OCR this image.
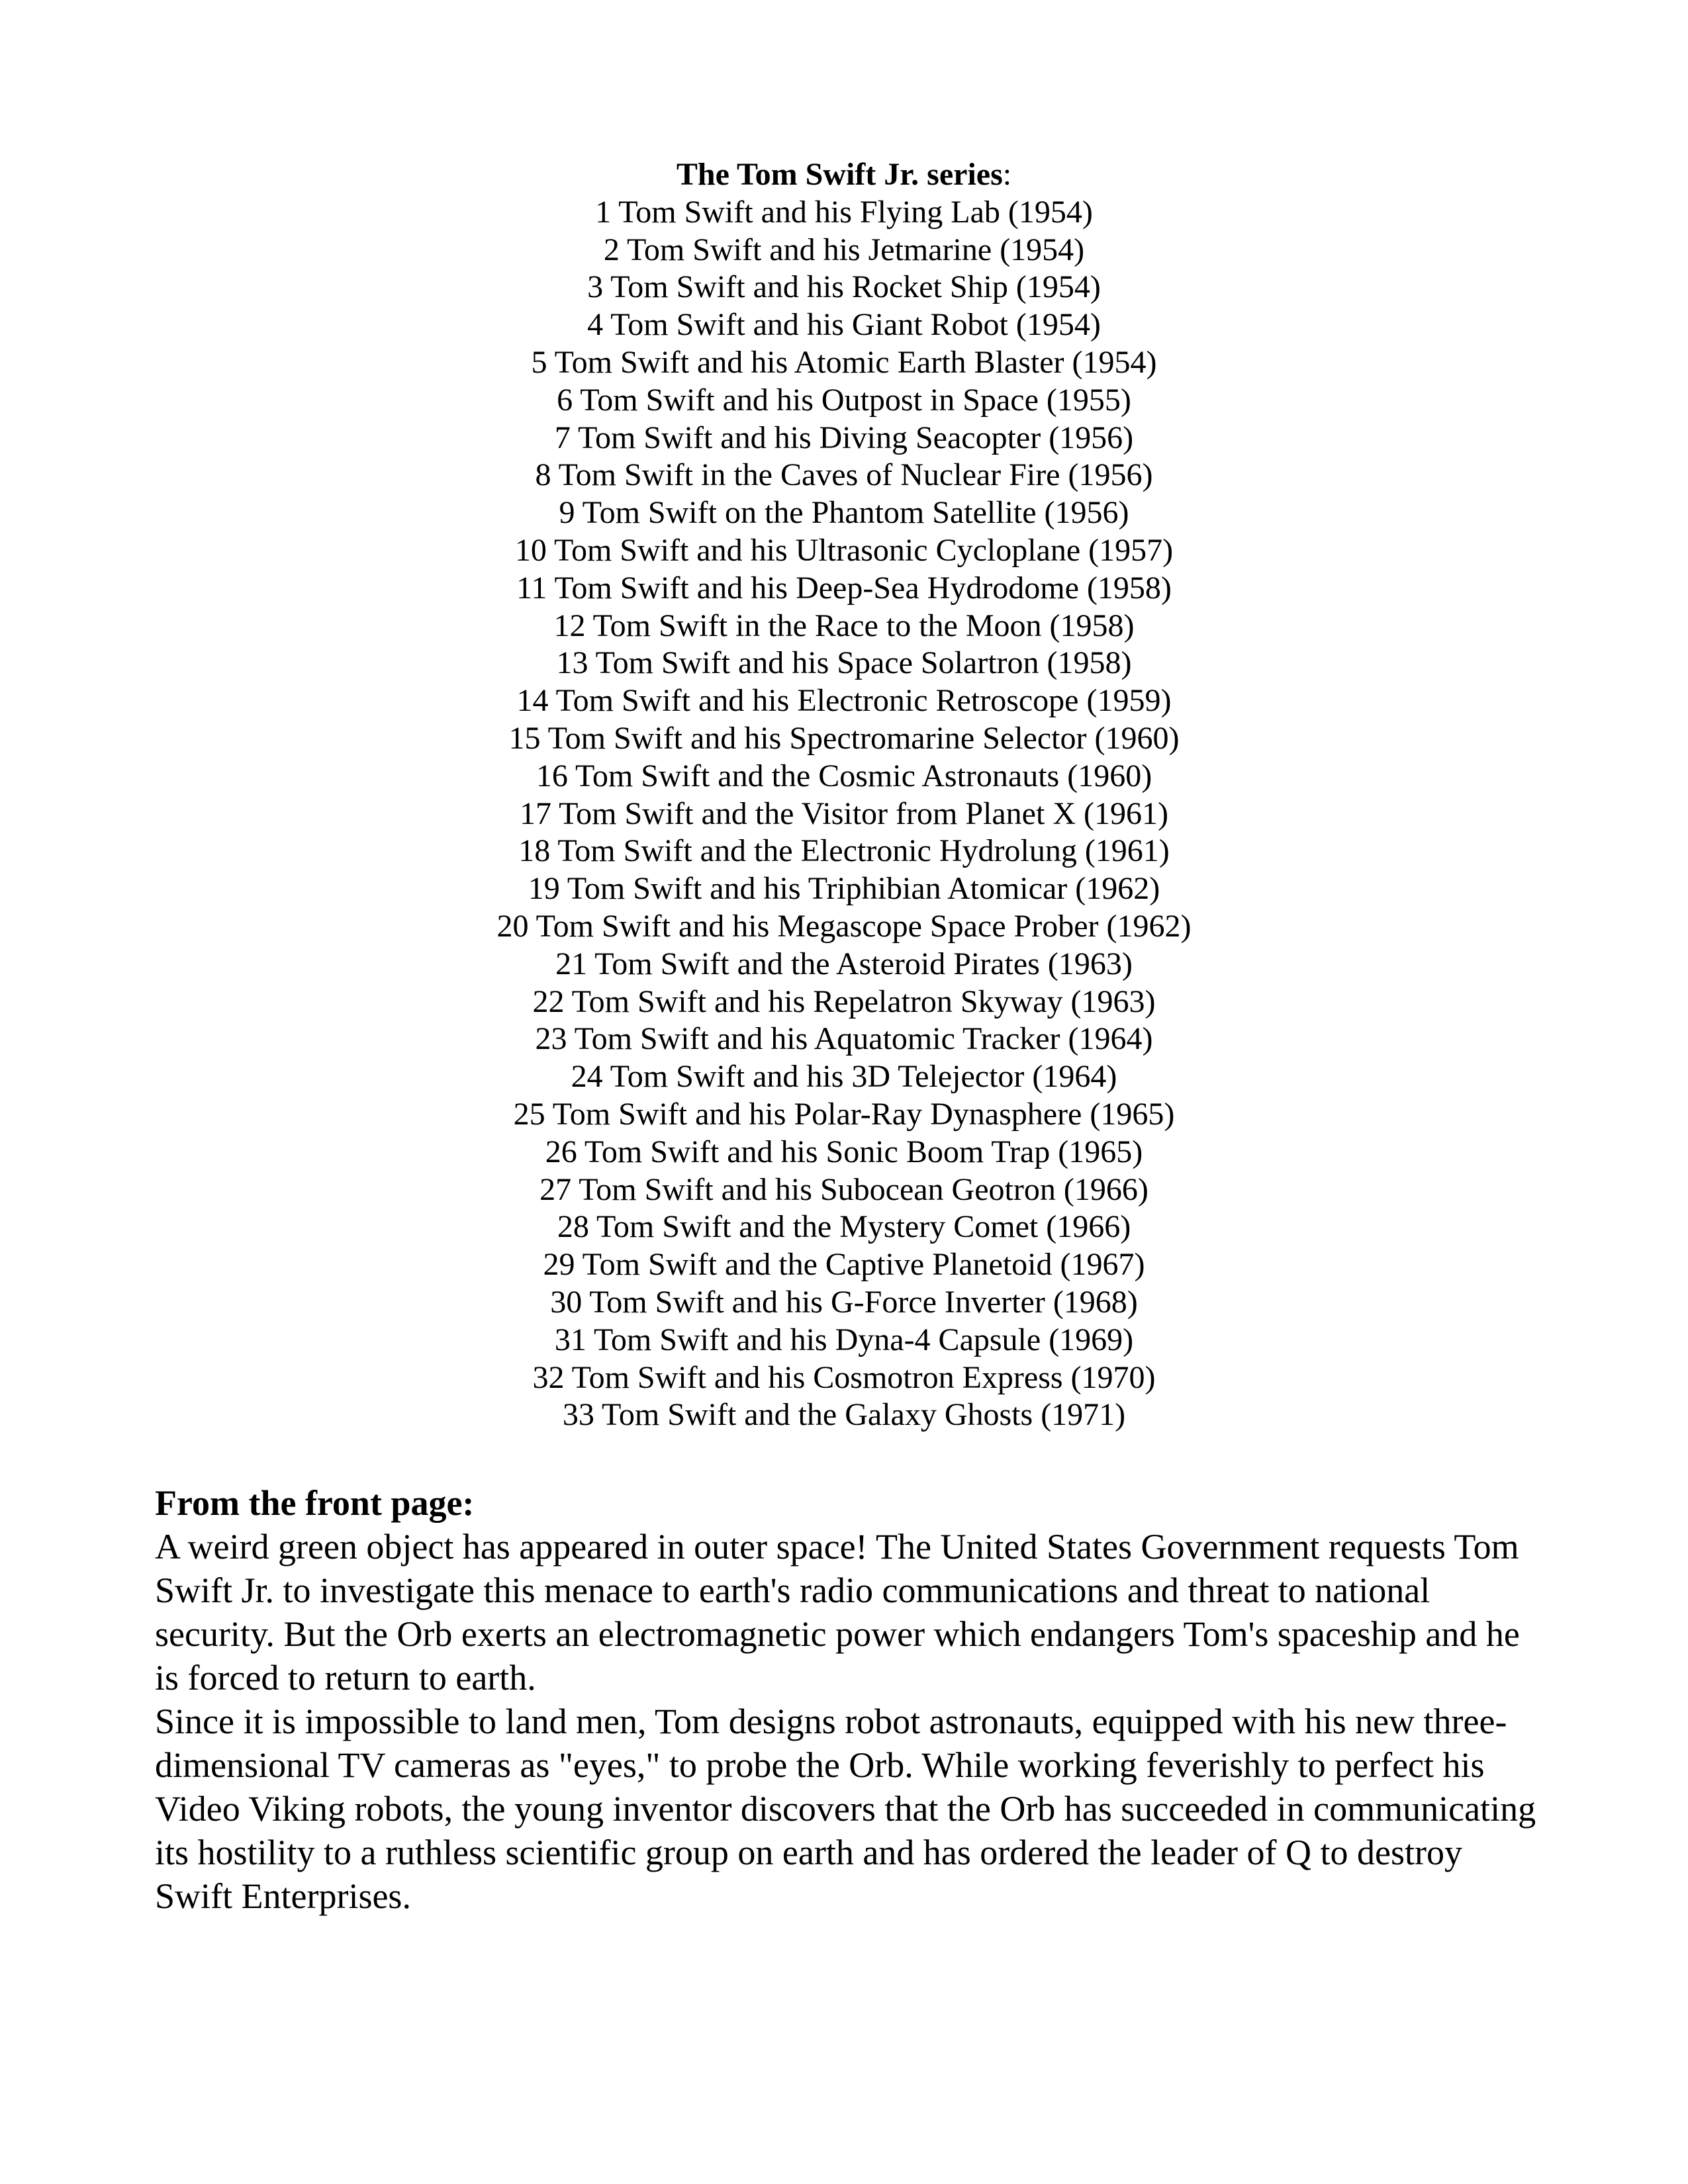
The Tom Swift Jr. series:
1 Tom Swift and his Flying Lab (1954)
2 Tom Swift and his Jetmarine (1954)
3 Tom Swift and his Rocket Ship (1954)
4 Tom Swift and his Giant Robot (1954)
5 Tom Swift and his Atomic Earth Blaster (1954)
6 Tom Swift and his Outpost in Space (1955)
7 Tom Swift and his Diving Seacopter (1956)
8 Tom Swift in the Caves of Nuclear Fire (1956)
9 Tom Swift on the Phantom Satellite (1956)
10 Tom Swift and his Ultrasonic Cycloplane (1957)
11 Tom Swift and his Deep-Sea Hydrodome (1958)
12 Tom Swift in the Race to the Moon (1958)
13 Tom Swift and his Space Solartron (1958)
14 Tom Swift and his Electronic Retroscope (1959)
15 Tom Swift and his Spectromarine Selector (1960)
16 Tom Swift and the Cosmic Astronauts (1960)
17 Tom Swift and the Visitor from Planet X (1961)
18 Tom Swift and the Electronic Hydrolung (1961)
19 Tom Swift and his Triphibian Atomicar (1962)
20 Tom Swift and his Megascope Space Prober (1962)
21 Tom Swift and the Asteroid Pirates (1963)
22 Tom Swift and his Repelatron Skyway (1963)
23 Tom Swift and his Aquatomic Tracker (1964)
24 Tom Swift and his 3D Telejector (1964)
25 Tom Swift and his Polar-Ray Dynasphere (1965)
26 Tom Swift and his Sonic Boom Trap (1965)
27 Tom Swift and his Subocean Geotron (1966)
28 Tom Swift and the Mystery Comet (1966)
29 Tom Swift and the Captive Planetoid (1967)
30 Tom Swift and his G-Force Inverter (1968)
31 Tom Swift and his Dyna-4 Capsule (1969)
32 Tom Swift and his Cosmotron Express (1970)
33 Tom Swift and the Galaxy Ghosts (1971)
From the front page:

A weird green object has appeared in outer space! The United States Government requests Tom Swift Jr. to investigate this menace to earth's radio communications and threat to national security. But the Orb exerts an electromagnetic power which endangers Tom's spaceship and he is forced to return to earth.

Since it is impossible to land men, Tom designs robot astronauts, equipped with his new three-dimensional TV cameras as "eyes," to probe the Orb. While working feverishly to perfect his Video Viking robots, the young inventor discovers that the Orb has succeeded in communicating its hostility to a ruthless scientific group on earth and has ordered the leader of Q to destroy Swift Enterprises.
